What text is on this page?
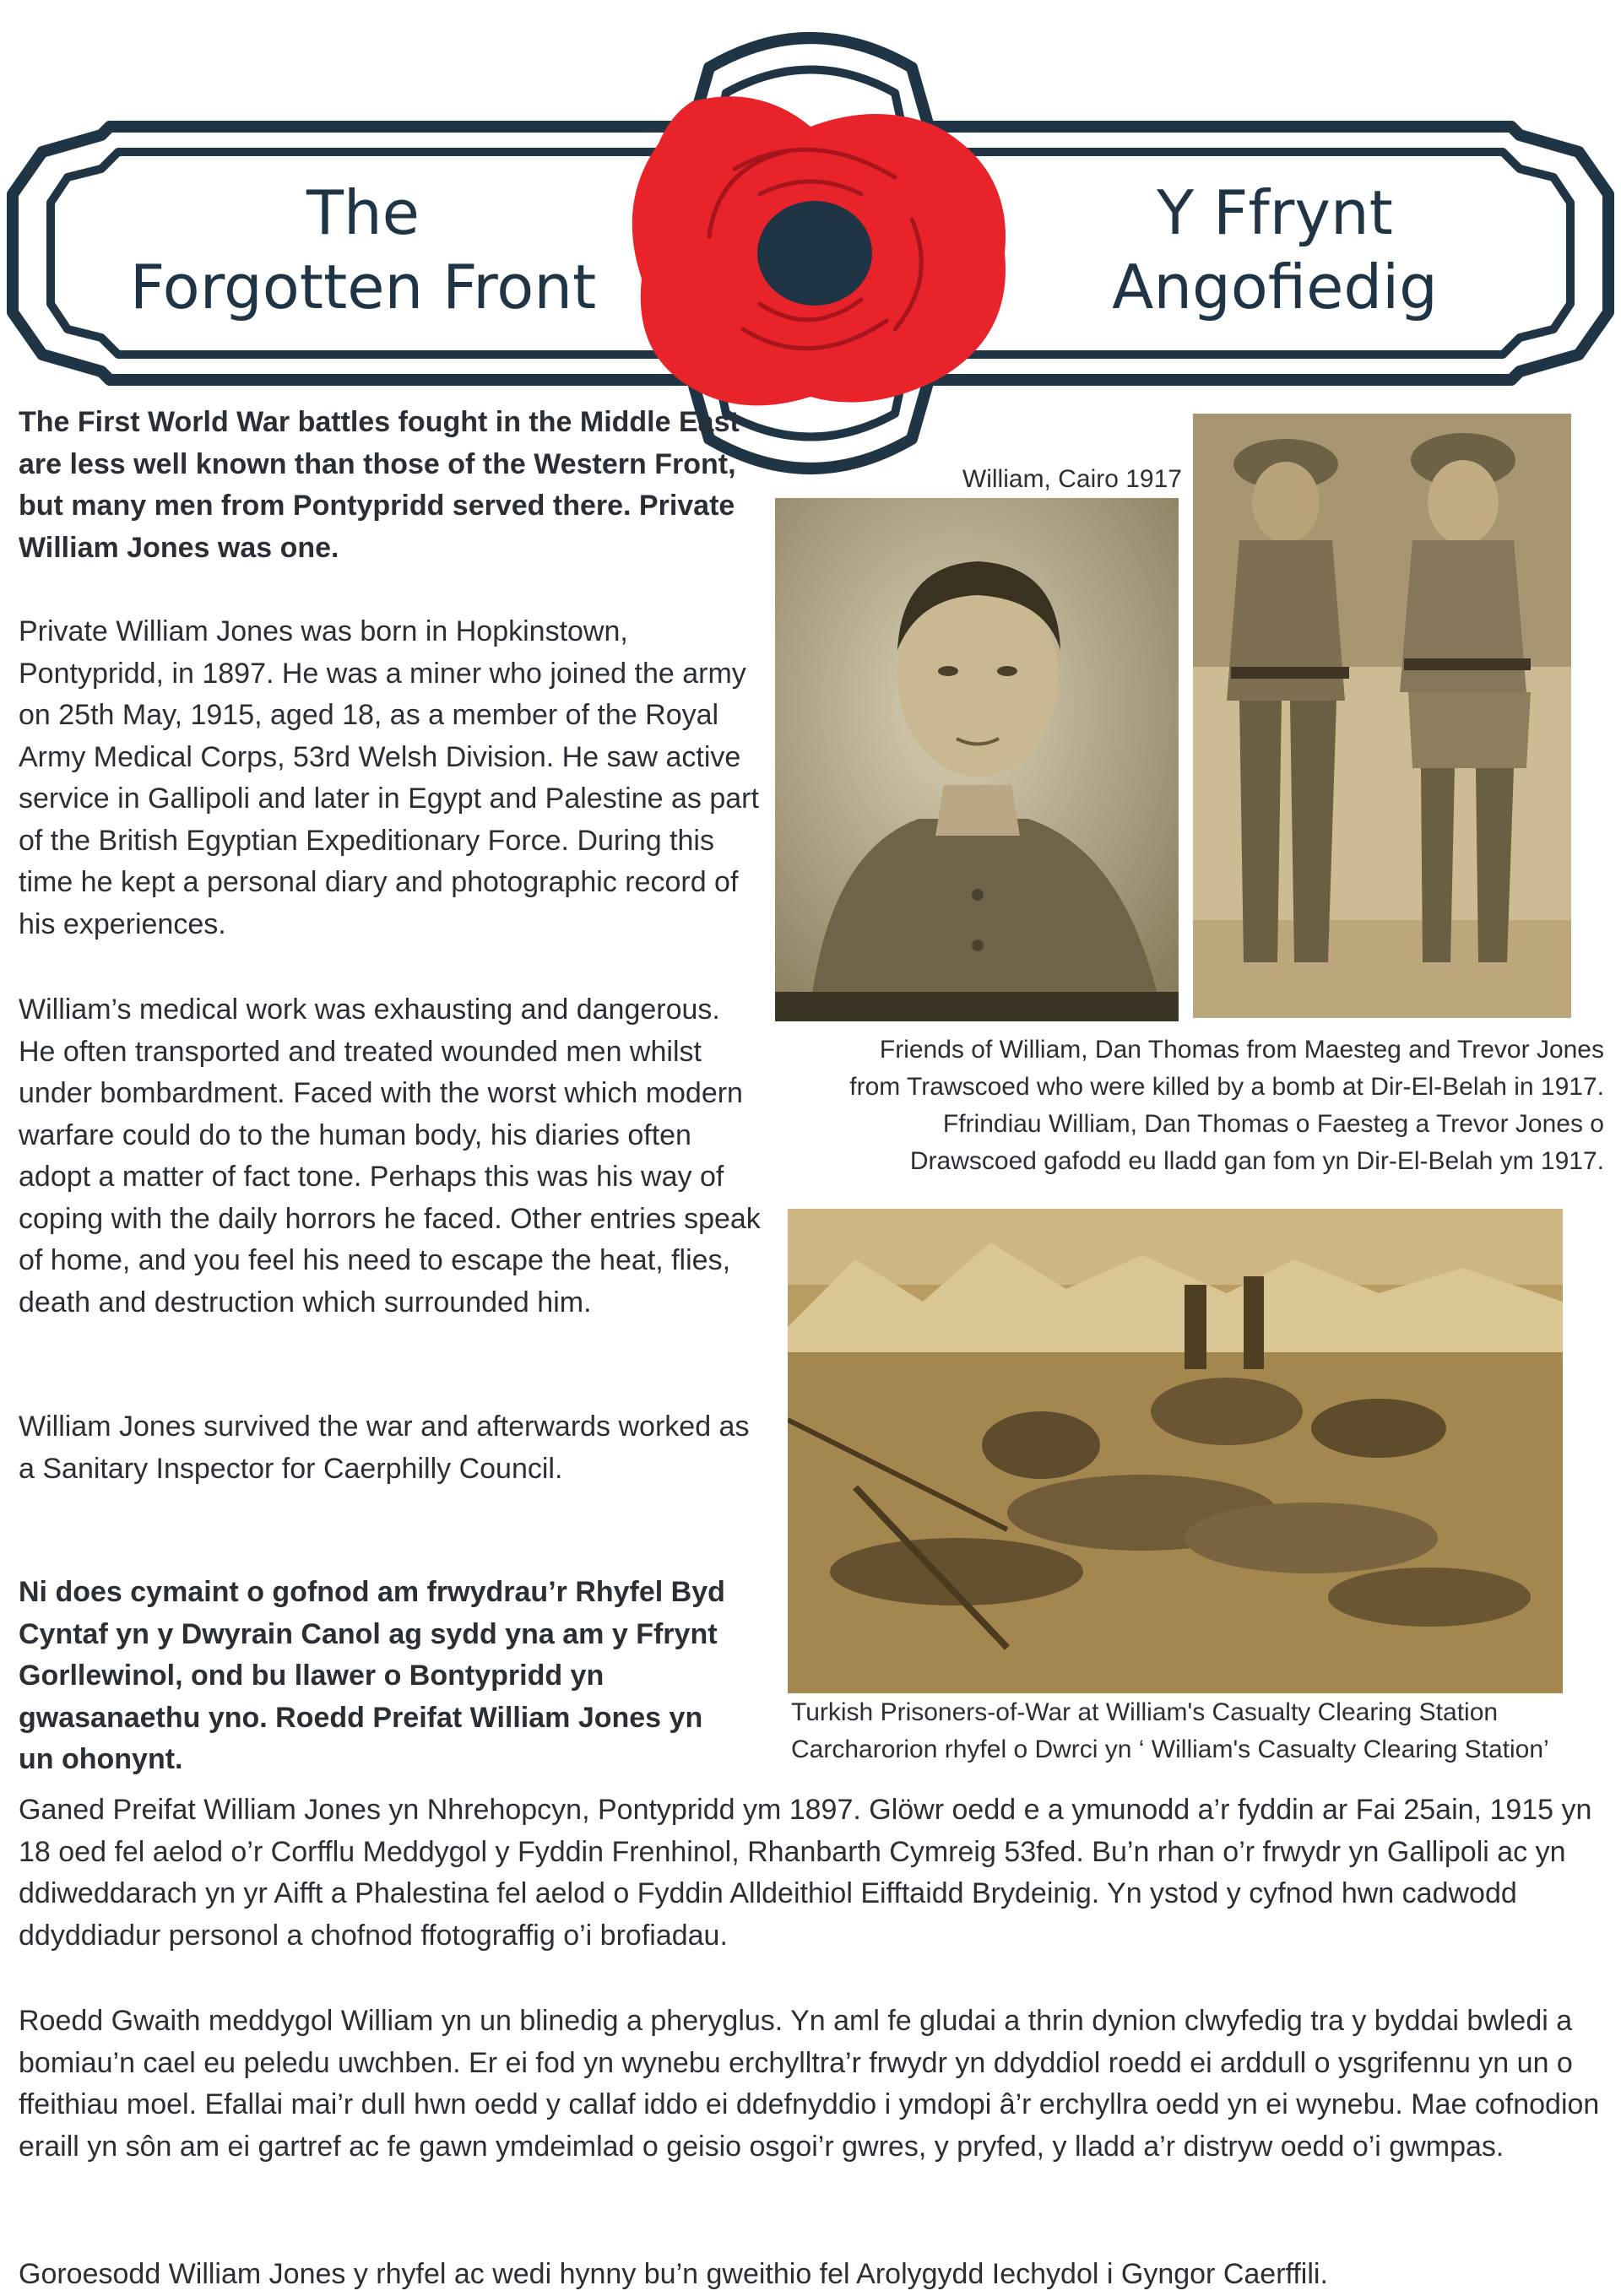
The
Forgotten Front
Y Ffrynt
Angofiedig

The First World War battles fought in the Middle East are less well known than those of the Western Front, but many men from Pontypridd served there. Private William Jones was one.

Private William Jones was born in Hopkinstown, Pontypridd, in 1897. He was a miner who joined the army on 25th May, 1915, aged 18, as a member of the Royal Army Medical Corps, 53rd Welsh Division. He saw active service in Gallipoli and later in Egypt and Palestine as part of the British Egyptian Expeditionary Force. During this time he kept a personal diary and photographic record of his experiences.

William’s medical work was exhausting and dangerous. He often transported and treated wounded men whilst under bombardment. Faced with the worst which modern warfare could do to the human body, his diaries often adopt a matter of fact tone. Perhaps this was his way of coping with the daily horrors he faced. Other entries speak of home, and you feel his need to escape the heat, flies, death and destruction which surrounded him.

William Jones survived the war and afterwards worked as a Sanitary Inspector for Caerphilly Council.

Ni does cymaint o gofnod am frwydrau’r Rhyfel Byd Cyntaf yn y Dwyrain Canol ag sydd yna am y Ffrynt Gorllewinol, ond bu llawer o Bontypridd yn gwasanaethu yno. Roedd Preifat William Jones yn un ohonynt.

William, Cairo 1917
Friends of William, Dan Thomas from Maesteg and Trevor Jones
from Trawscoed who were killed by a bomb at Dir-El-Belah in 1917.
Ffrindiau William, Dan Thomas o Faesteg a Trevor Jones o
Drawscoed gafodd eu lladd gan fom yn Dir-El-Belah ym 1917.
Turkish Prisoners-of-War at William's Casualty Clearing Station
Carcharorion rhyfel o Dwrci yn ‘ William's Casualty Clearing Station’

Ganed Preifat William Jones yn Nhrehopcyn, Pontypridd ym 1897. Glöwr oedd e a ymunodd a’r fyddin ar Fai 25ain, 1915 yn 18 oed fel aelod o’r Corfflu Meddygol y Fyddin Frenhinol, Rhanbarth Cymreig 53fed. Bu’n rhan o’r frwydr yn Gallipoli ac yn ddiweddarach yn yr Aifft a Phalestina fel aelod o Fyddin Alldeithiol Eifftaidd Brydeinig. Yn ystod y cyfnod hwn cadwodd ddyddiadur personol a chofnod ffotograffig o’i brofiadau.

Roedd Gwaith meddygol William yn un blinedig a pheryglus. Yn aml fe gludai a thrin dynion clwyfedig tra y byddai bwledi a bomiau’n cael eu peledu uwchben. Er ei fod yn wynebu erchylltra’r frwydr yn ddyddiol roedd ei arddull o ysgrifennu yn un o ffeithiau moel. Efallai mai’r dull hwn oedd y callaf iddo ei ddefnyddio i ymdopi â’r erchyllra oedd yn ei wynebu. Mae cofnodion eraill yn sôn am ei gartref ac fe gawn ymdeimlad o geisio osgoi’r gwres, y pryfed, y lladd a’r distryw oedd o’i gwmpas.

Goroesodd William Jones y rhyfel ac wedi hynny bu’n gweithio fel Arolygydd Iechydol i Gyngor Caerffili.
